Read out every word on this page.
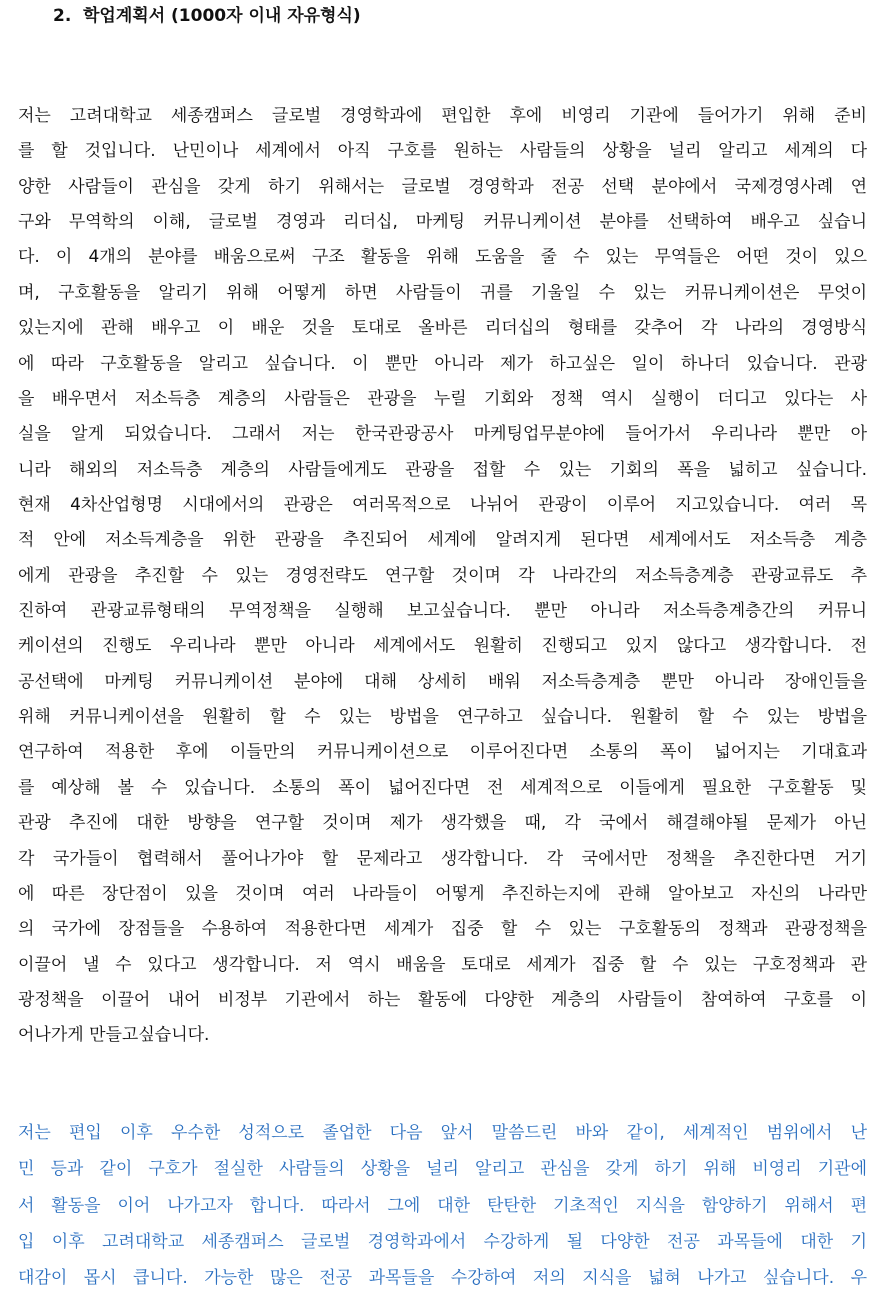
2. 학업계획서 (1000자 이내 자유형식)
저는 고려대학교 세종캠퍼스 글로벌 경영학과에 편입한 후에 비영리 기관에 들어가기 위해 준비
를 할 것입니다. 난민이나 세계에서 아직 구호를 원하는 사람들의 상황을 널리 알리고 세계의 다
양한 사람들이 관심을 갖게 하기 위해서는 글로벌 경영학과 전공 선택 분야에서 국제경영사례 연
구와 무역학의 이해, 글로벌 경영과 리더십, 마케팅 커뮤니케이션 분야를 선택하여 배우고 싶습니
다. 이 4개의 분야를 배움으로써 구조 활동을 위해 도움을 줄 수 있는 무역들은 어떤 것이 있으
며, 구호활동을 알리기 위해 어떻게 하면 사람들이 귀를 기울일 수 있는 커뮤니케이션은 무엇이
있는지에 관해 배우고 이 배운 것을 토대로 올바른 리더십의 형태를 갖추어 각 나라의 경영방식
에 따라 구호활동을 알리고 싶습니다. 이 뿐만 아니라 제가 하고싶은 일이 하나더 있습니다. 관광
을 배우면서 저소득층 계층의 사람들은 관광을 누릴 기회와 정책 역시 실행이 더디고 있다는 사
실을 알게 되었습니다. 그래서 저는 한국관광공사 마케팅업무분야에 들어가서 우리나라 뿐만 아
니라 해외의 저소득층 계층의 사람들에게도 관광을 접할 수 있는 기회의 폭을 넓히고 싶습니다.
현재 4차산업형명 시대에서의 관광은 여러목적으로 나뉘어 관광이 이루어 지고있습니다. 여러 목
적 안에 저소득계층을 위한 관광을 추진되어 세계에 알려지게 된다면 세계에서도 저소득층 계층
에게 관광을 추진할 수 있는 경영전략도 연구할 것이며 각 나라간의 저소득층계층 관광교류도 추
진하여 관광교류형태의 무역정책을 실행해 보고싶습니다. 뿐만 아니라 저소득층계층간의 커뮤니
케이션의 진행도 우리나라 뿐만 아니라 세계에서도 원활히 진행되고 있지 않다고 생각합니다. 전
공선택에 마케팅 커뮤니케이션 분야에 대해 상세히 배워 저소득층계층 뿐만 아니라 장애인들을
위해 커뮤니케이션을 원활히 할 수 있는 방법을 연구하고 싶습니다. 원활히 할 수 있는 방법을
연구하여 적용한 후에 이들만의 커뮤니케이션으로 이루어진다면 소통의 폭이 넓어지는 기대효과
를 예상해 볼 수 있습니다. 소통의 폭이 넓어진다면 전 세계적으로 이들에게 필요한 구호활동 및
관광 추진에 대한 방향을 연구할 것이며 제가 생각했을 때, 각 국에서 해결해야될 문제가 아닌
각 국가들이 협력해서 풀어나가야 할 문제라고 생각합니다. 각 국에서만 정책을 추진한다면 거기
에 따른 장단점이 있을 것이며 여러 나라들이 어떻게 추진하는지에 관해 알아보고 자신의 나라만
의 국가에 장점들을 수용하여 적용한다면 세계가 집중 할 수 있는 구호활동의 정책과 관광정책을
이끌어 낼 수 있다고 생각합니다. 저 역시 배움을 토대로 세계가 집중 할 수 있는 구호정책과 관
광정책을 이끌어 내어 비정부 기관에서 하는 활동에 다양한 계층의 사람들이 참여하여 구호를 이
어나가게 만들고싶습니다.
저는 편입 이후 우수한 성적으로 졸업한 다음 앞서 말씀드린 바와 같이, 세계적인 범위에서 난
민 등과 같이 구호가 절실한 사람들의 상황을 널리 알리고 관심을 갖게 하기 위해 비영리 기관에
서 활동을 이어 나가고자 합니다. 따라서 그에 대한 탄탄한 기초적인 지식을 함양하기 위해서 편
입 이후 고려대학교 세종캠퍼스 글로벌 경영학과에서 수강하게 될 다양한 전공 과목들에 대한 기
대감이 몹시 큽니다. 가능한 많은 전공 과목들을 수강하여 저의 지식을 넓혀 나가고 싶습니다. 우
